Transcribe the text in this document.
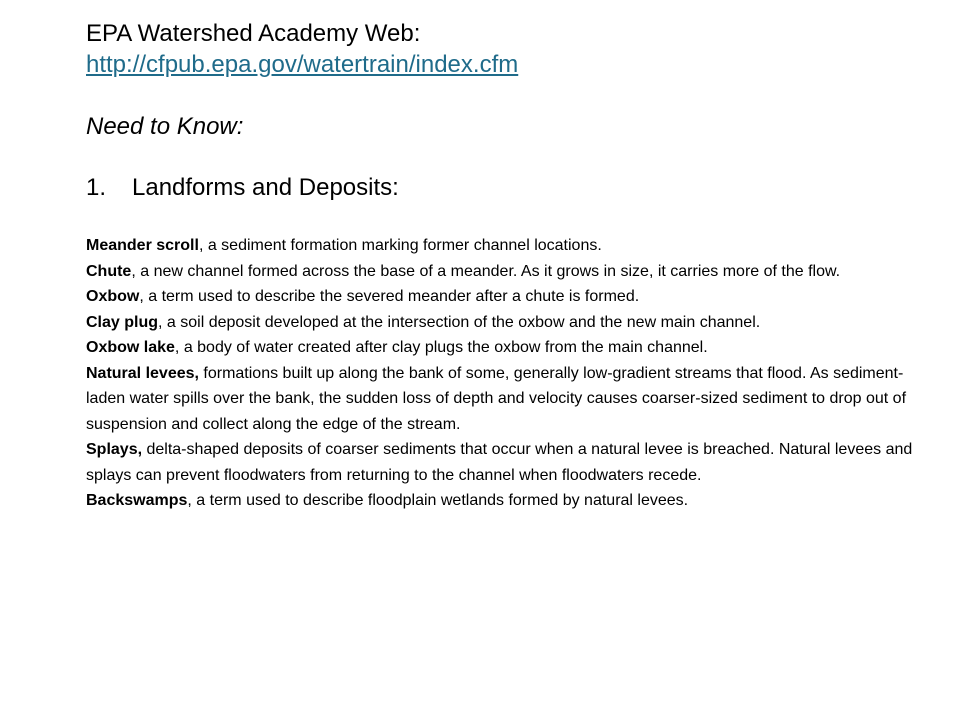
EPA Watershed Academy Web:
http://cfpub.epa.gov/watertrain/index.cfm
Need to Know:
1. Landforms and Deposits:

Meander scroll, a sediment formation marking former channel locations.

Chute, a new channel formed across the base of a meander. As it grows in size, it carries more of the flow.

Oxbow, a term used to describe the severed meander after a chute is formed.

Clay plug, a soil deposit developed at the intersection of the oxbow and the new main channel.

Oxbow lake, a body of water created after clay plugs the oxbow from the main channel.

Natural levees, formations built up along the bank of some, generally low-gradient streams that flood. As sediment-laden water spills over the bank, the sudden loss of depth and velocity causes coarser-sized sediment to drop out of suspension and collect along the edge of the stream.

Splays, delta-shaped deposits of coarser sediments that occur when a natural levee is breached. Natural levees and splays can prevent floodwaters from returning to the channel when floodwaters recede.

Backswamps, a term used to describe floodplain wetlands formed by natural levees.
